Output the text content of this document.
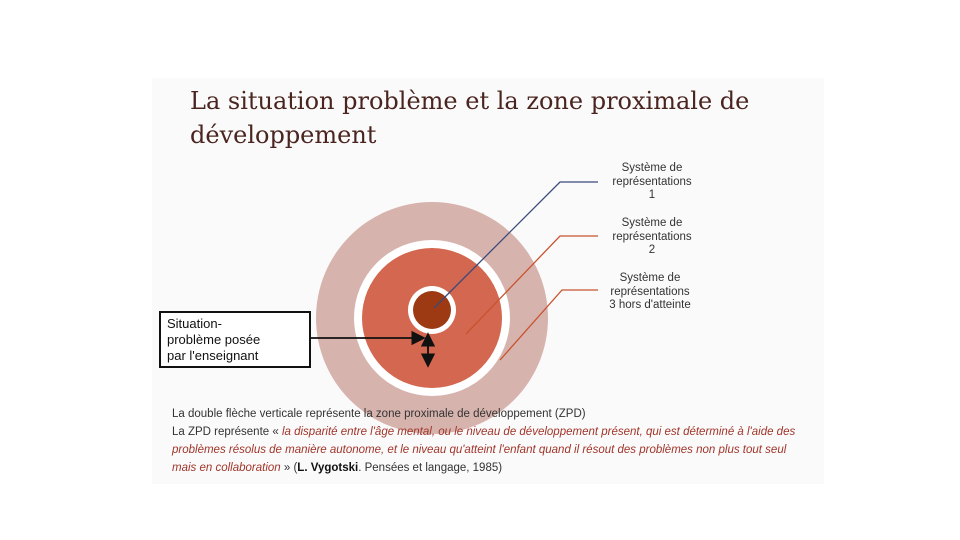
La situation problème et la zone proximale de développement
Système de
représentations
1
Système de
représentations
2
Système de
représentations
3 hors d'atteinte
Situation-
problème posée
par l'enseignant

La double flèche verticale représente la zone proximale de développement (ZPD)
La ZPD représente « la disparité entre l'âge mental, ou le niveau de développement présent, qui est déterminé à l'aide des problèmes résolus de manière autonome, et le niveau qu'atteint l'enfant quand il résout des problèmes non plus tout seul mais en collaboration » (L. Vygotski. Pensées et langage, 1985)
